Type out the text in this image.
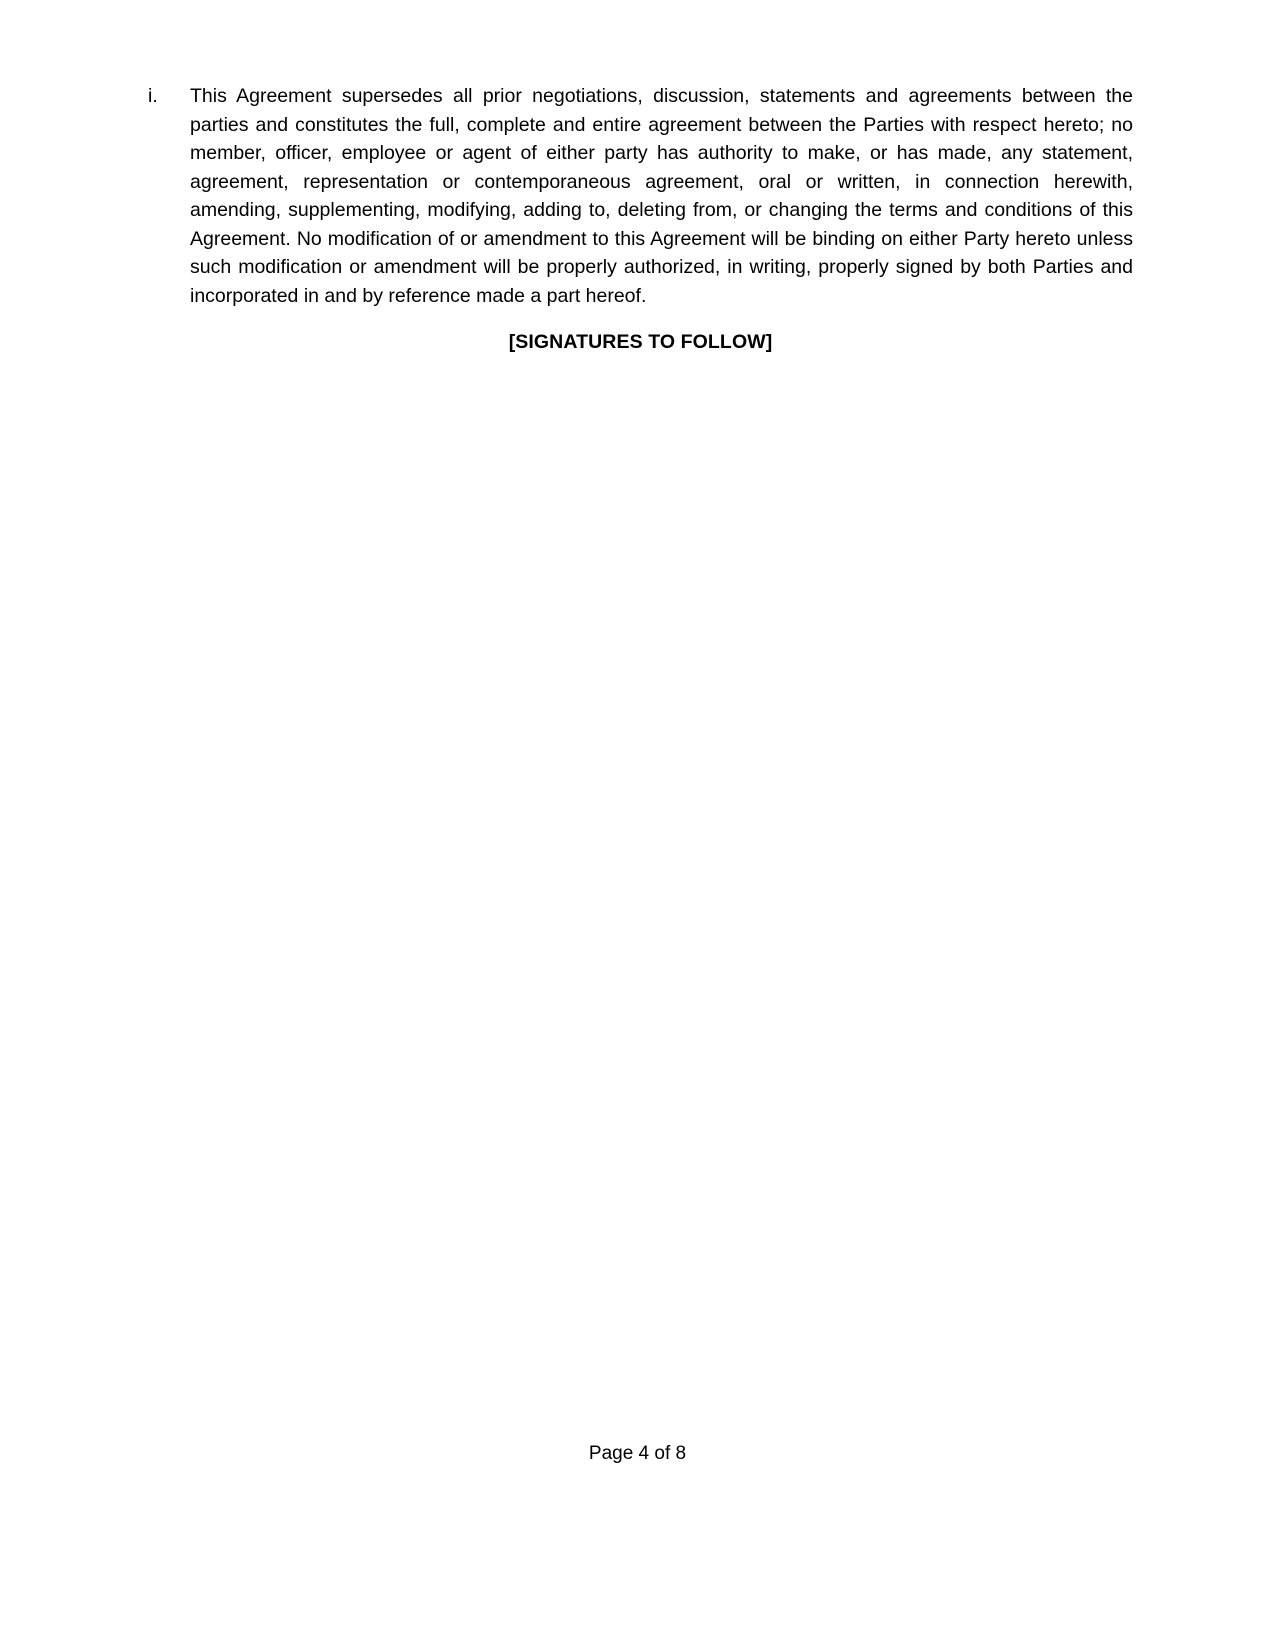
i.	This Agreement supersedes all prior negotiations, discussion, statements and agreements between the parties and constitutes the full, complete and entire agreement between the Parties with respect hereto; no member, officer, employee or agent of either party has authority to make, or has made, any statement, agreement, representation or contemporaneous agreement, oral or written, in connection herewith, amending, supplementing, modifying, adding to, deleting from, or changing the terms and conditions of this Agreement. No modification of or amendment to this Agreement will be binding on either Party hereto unless such modification or amendment will be properly authorized, in writing, properly signed by both Parties and incorporated in and by reference made a part hereof.
[SIGNATURES TO FOLLOW]
Page 4 of 8
